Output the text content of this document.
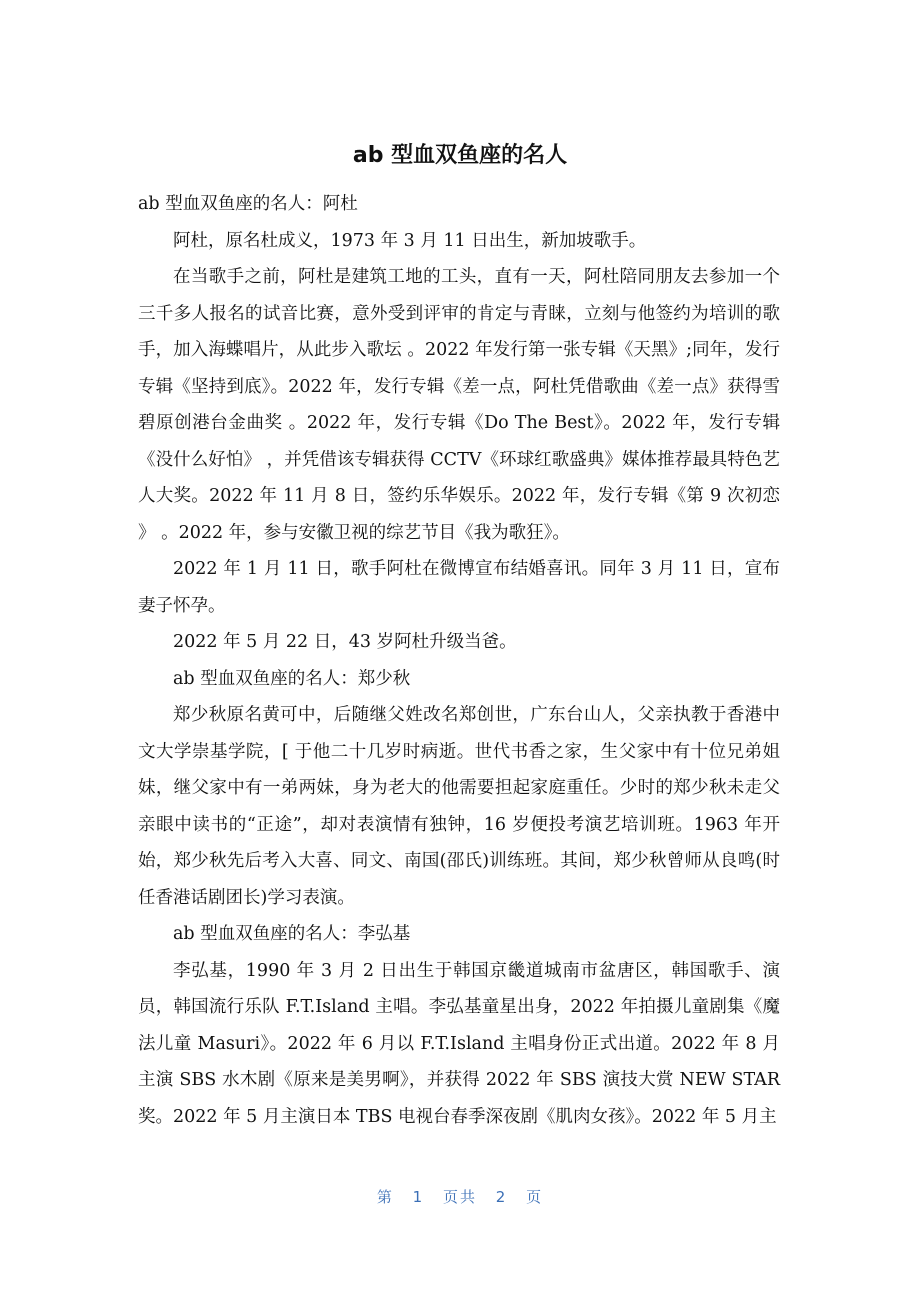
ab 型血双鱼座的名人

ab 型血双鱼座的名人：阿杜

阿杜，原名杜成义，1973 年 3 月 11 日出生，新加坡歌手。

在当歌手之前，阿杜是建筑工地的工头，直有一天，阿杜陪同朋友去参加一个三千多人报名的试音比赛，意外受到评审的肯定与青睐，立刻与他签约为培训的歌手，加入海蝶唱片，从此步入歌坛 。2022 年发行第一张专辑《天黑》;同年，发行专辑《坚持到底》。2022 年，发行专辑《差一点，阿杜凭借歌曲《差一点》获得雪碧原创港台金曲奖 。2022 年，发行专辑《Do The Best》。2022 年，发行专辑《没什么好怕》 ，并凭借该专辑获得 CCTV《环球红歌盛典》媒体推荐最具特色艺人大奖。2022 年 11 月 8 日，签约乐华娱乐。2022 年，发行专辑《第 9 次初恋 》 。2022 年，参与安徽卫视的综艺节目《我为歌狂》。

2022 年 1 月 11 日，歌手阿杜在微博宣布结婚喜讯。同年 3 月 11 日，宣布妻子怀孕。

2022 年 5 月 22 日，43 岁阿杜升级当爸。

ab 型血双鱼座的名人：郑少秋

郑少秋原名黄可中，后随继父姓改名郑创世，广东台山人，父亲执教于香港中文大学崇基学院，[ 于他二十几岁时病逝。世代书香之家，生父家中有十位兄弟姐妹，继父家中有一弟两妹，身为老大的他需要担起家庭重任。少时的郑少秋未走父亲眼中读书的“正途”，却对表演情有独钟，16 岁便投考演艺培训班。1963 年开始，郑少秋先后考入大喜、同文、南国(邵氏)训练班。其间，郑少秋曾师从良鸣(时任香港话剧团长)学习表演。

ab 型血双鱼座的名人：李弘基

李弘基，1990 年 3 月 2 日出生于韩国京畿道城南市盆唐区，韩国歌手、演员，韩国流行乐队 F.T.Island 主唱。李弘基童星出身，2022 年拍摄儿童剧集《魔法儿童 Masuri》。2022 年 6 月以 F.T.Island 主唱身份正式出道。2022 年 8 月主演 SBS 水木剧《原来是美男啊》，并获得 2022 年 SBS 演技大赏 NEW STAR 奖。2022 年 5 月主演日本 TBS 电视台春季深夜剧《肌肉女孩》。2022 年 5 月主

第 1 页共 2 页
